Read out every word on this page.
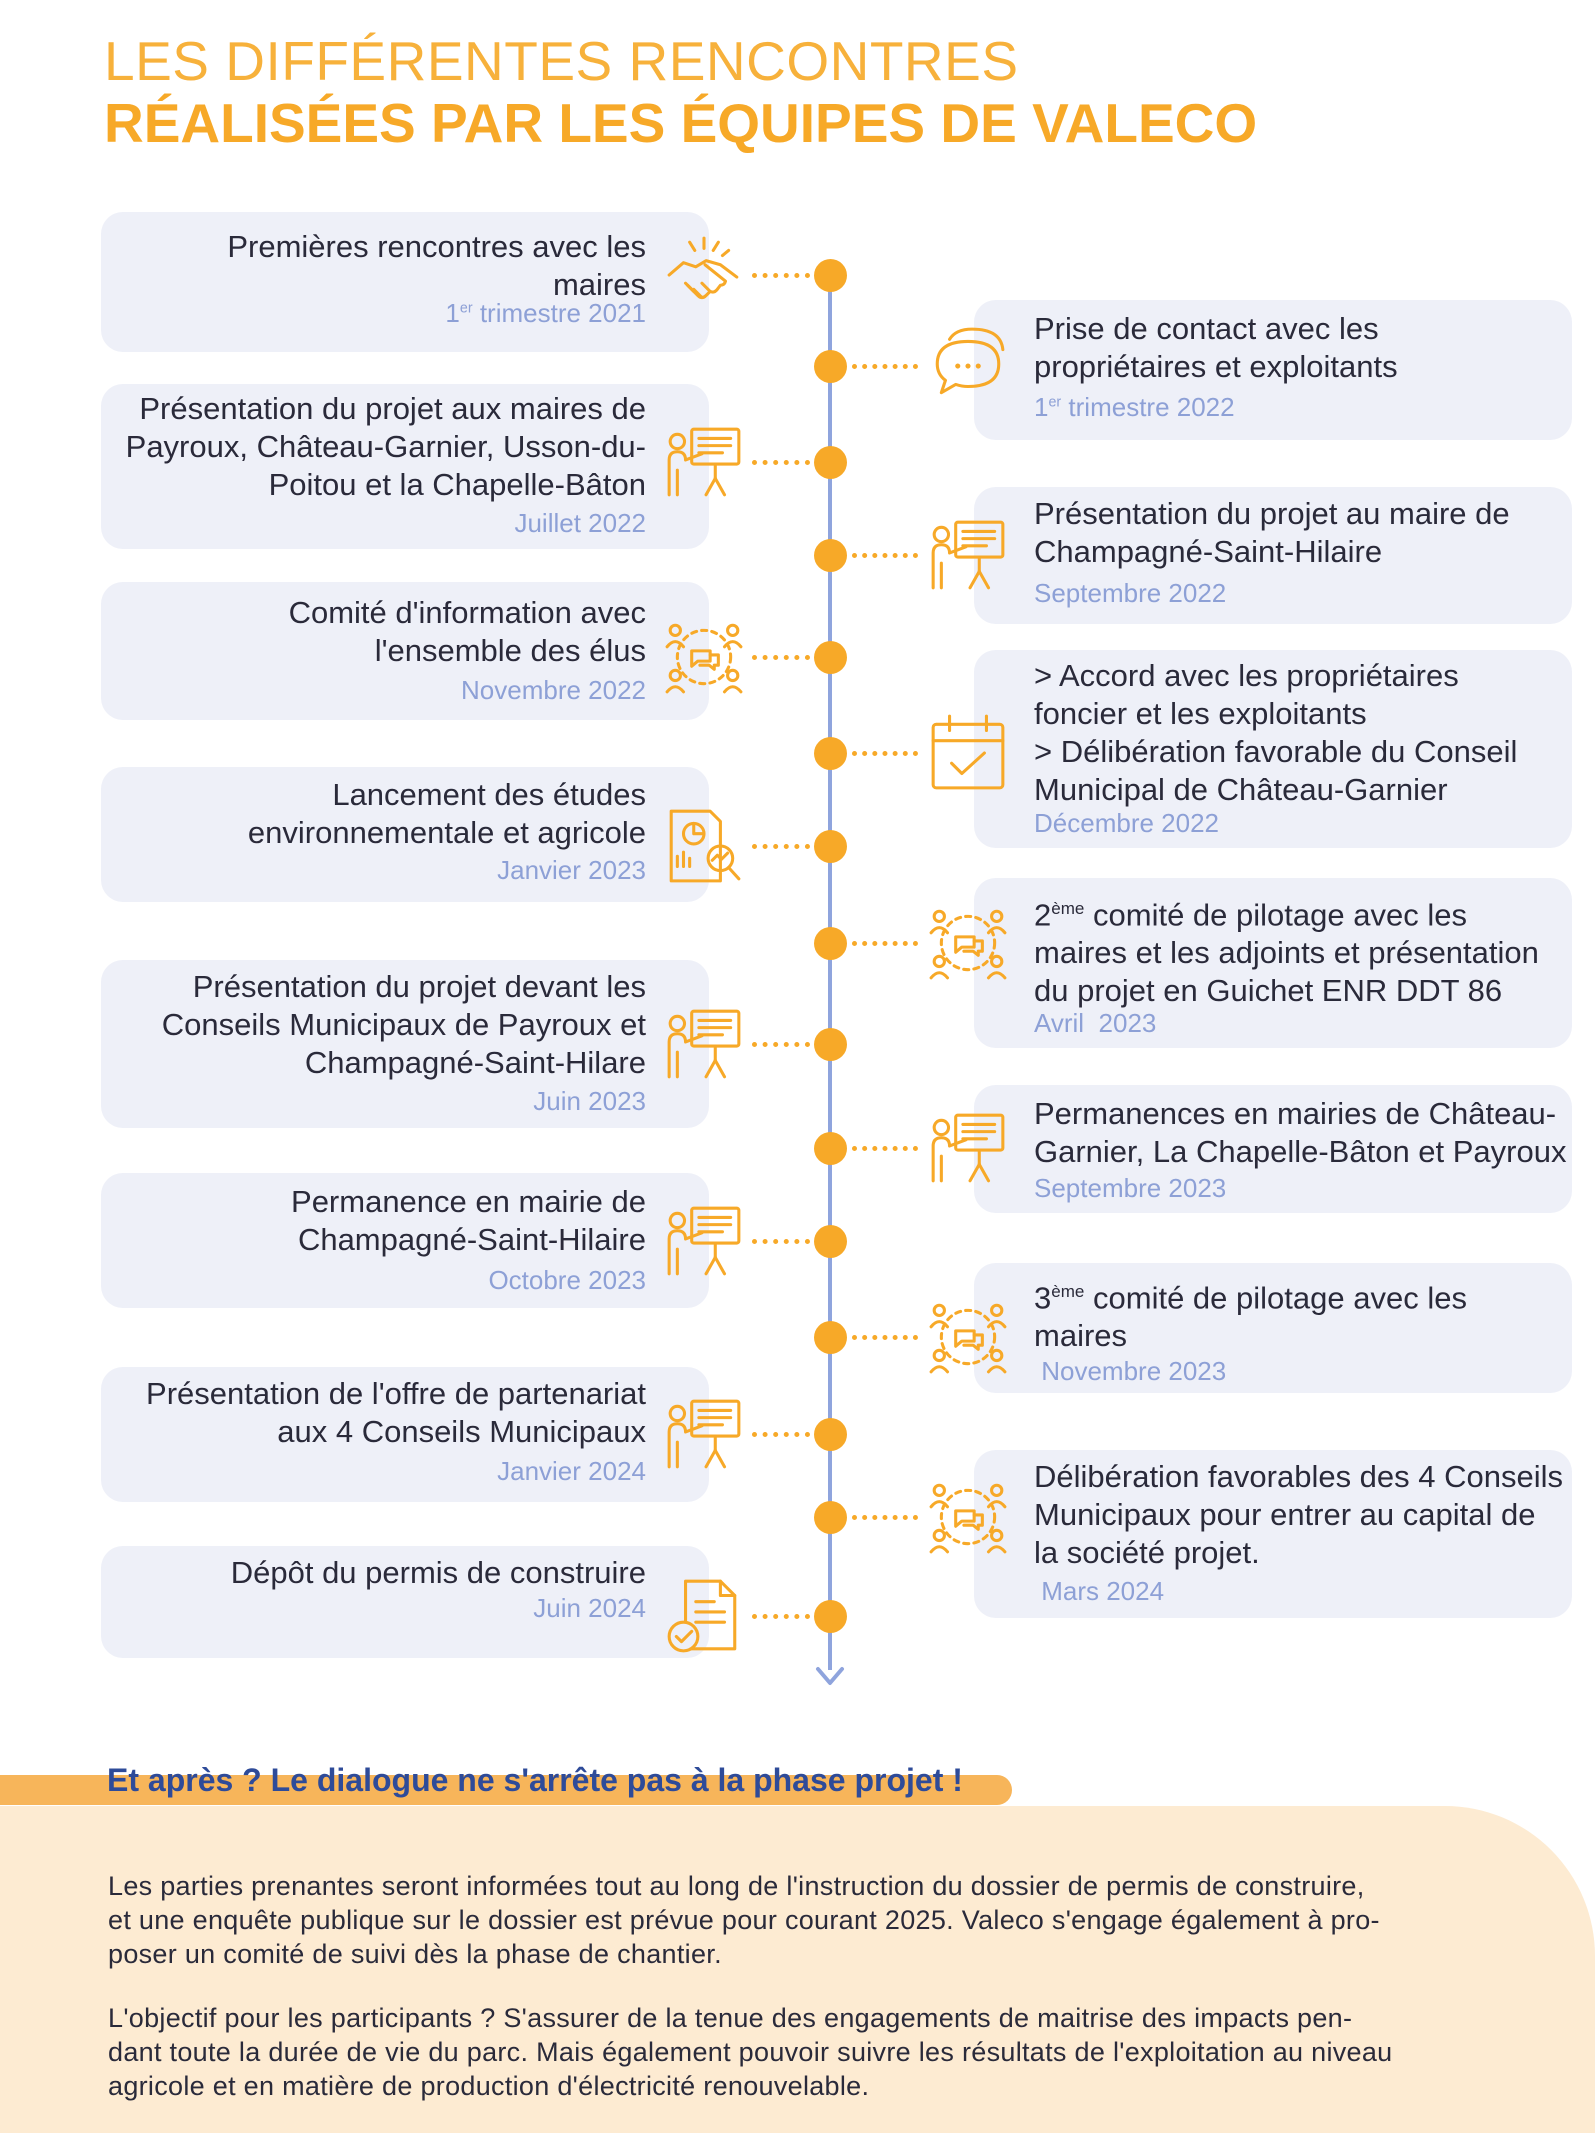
LES DIFFÉRENTES RENCONTRES
RÉALISÉES PAR LES ÉQUIPES DE VALECO
Premières rencontres avec les
maires
1er trimestre 2021
Présentation du projet aux maires de
Payroux, Château-Garnier, Usson-du-
Poitou et la Chapelle-Bâton
Juillet 2022
Comité d'information avec
l'ensemble des élus
Novembre 2022
Lancement des études
environnementale et agricole
Janvier 2023
Présentation du projet devant les
Conseils Municipaux de Payroux et
Champagné-Saint-Hilare
Juin 2023
Permanence en mairie de
Champagné-Saint-Hilaire
Octobre 2023
Présentation de l'offre de partenariat
aux 4 Conseils Municipaux
Janvier 2024
Dépôt du permis de construire
Juin 2024
Prise de contact avec les
propriétaires et exploitants
1er trimestre 2022
Présentation du projet au maire de
Champagné-Saint-Hilaire
Septembre 2022
> Accord avec les propriétaires
foncier et les exploitants
> Délibération favorable du Conseil
Municipal de Château-Garnier
Décembre 2022
2ème comité de pilotage avec les
maires et les adjoints et présentation
du projet en Guichet ENR DDT 86
Avril  2023
Permanences en mairies de Château-
Garnier, La Chapelle-Bâton et Payroux
Septembre 2023
3ème comité de pilotage avec les
maires
Novembre 2023
Délibération favorables des 4 Conseils
Municipaux pour entrer au capital de
la société projet.
Mars 2024
Et après ? Le dialogue ne s'arrête pas à la phase projet !
Les parties prenantes seront informées tout au long de l'instruction du dossier de permis de construire,
et une enquête publique sur le dossier est prévue pour courant 2025. Valeco s'engage également à pro-
poser un comité de suivi dès la phase de chantier.
L'objectif pour les participants ? S'assurer de la tenue des engagements de maitrise des impacts pen-
dant toute la durée de vie du parc. Mais également pouvoir suivre les résultats de l'exploitation au niveau
agricole et en matière de production d'électricité renouvelable.
